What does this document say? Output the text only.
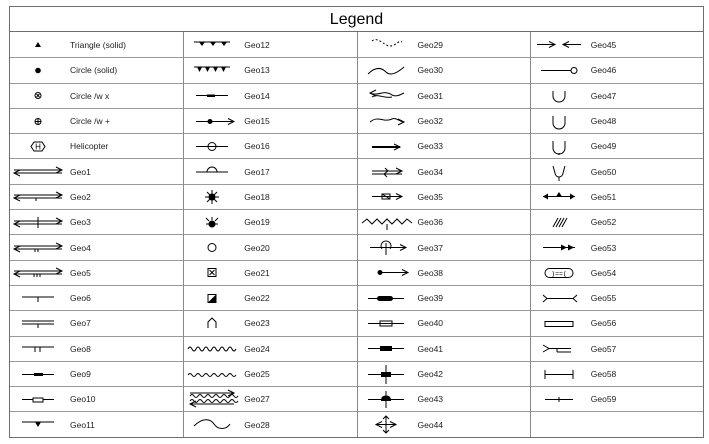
Legend
Triangle (solid)
Circle (solid)
Circle /w x
Circle /w +
H	Helicopter
Geo1
Geo2
Geo3
Geo4
Geo5
Geo6
Geo7
Geo8
Geo9
Geo10
Geo11
Geo12
Geo13
Geo14
Geo15
Geo16
Geo17
Geo18
Geo19
Geo20
Geo21
Geo22
Geo23
Geo24
Geo25
Geo27
Geo28
Geo29
Geo30
Geo31
Geo32
Geo33
Geo34
Geo35
Geo36
Geo37
Geo38
Geo39
Geo40
Geo41
Geo42
Geo43
Geo44
Geo45
Geo46
Geo47
Geo48
Geo49
Geo50
Geo51
Geo52
Geo53
)==(	Geo54
Geo55
Geo56
Geo57
Geo58
Geo59
